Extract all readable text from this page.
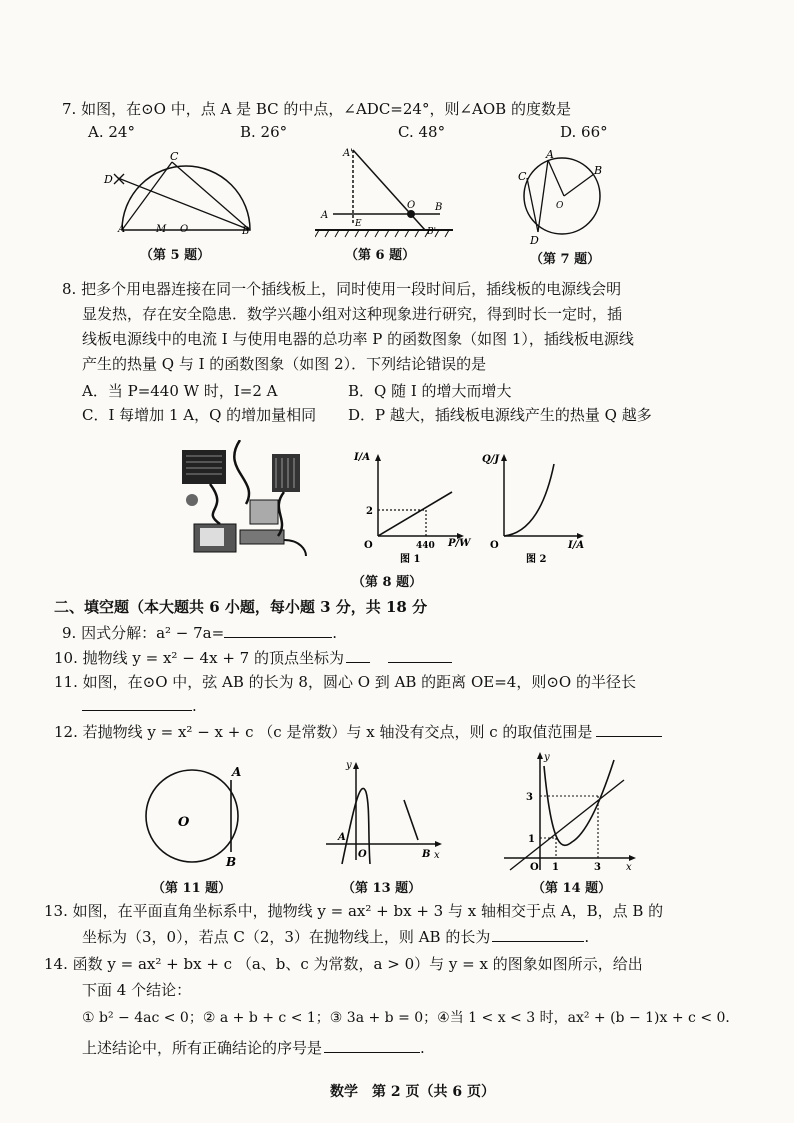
7. 如图，在⊙O 中，点 A 是 BC 的中点，∠ADC=24°，则∠AOB 的度数是
A. 24°	B. 26°	C. 48°	D. 66°
D
C
A	M O	B
（第 5 题）
A'
A
E
O B
B'
（第 6 题）
C	B
A
O
D
（第 7 题）
8. 把多个用电器连接在同一个插线板上，同时使用一段时间后，插线板的电源线会明
显发热，存在安全隐患．数学兴趣小组对这种现象进行研究，得到时长一定时，插
线板电源线中的电流 I 与使用电器的总功率 P 的函数图象（如图 1），插线板电源线
产生的热量 Q 与 I 的函数图象（如图 2）．下列结论错误的是
A．当 P=440 W 时，I=2 A	B．Q 随 I 的增大而增大
C．I 每增加 1 A，Q 的增加量相同 D．P 越大，插线板电源线产生的热量 Q 越多
I/A
2
O	440 P/W
图 1
Q/J
O	I/A
图 2
（第 8 题）
二、填空题（本大题共 6 小题，每小题 3 分，共 18 分
9. 因式分解：a² − 7a=	.
10. 抛物线 y = x² − 4x + 7 的顶点坐标为
11. 如图，在⊙O 中，弦 AB 的长为 8，圆心 O 到 AB 的距离 OE=4，则⊙O 的半径长
.
12. 若抛物线 y = x² − x + c （c 是常数）与 x 轴没有交点，则 c 的取值范围是
A
O
B
（第 11 题）
y
A
O	B x
（第 13 题）
y
3
1
O 1	3	x
（第 14 题）
13. 如图，在平面直角坐标系中，抛物线 y = ax² + bx + 3 与 x 轴相交于点 A，B，点 B 的
坐标为（3，0），若点 C（2，3）在抛物线上，则 AB 的长为	.
14. 函数 y = ax² + bx + c （a、b、c 为常数，a > 0）与 y = x 的图象如图所示，给出
下面 4 个结论：
① b² − 4ac < 0；② a + b + c < 1；③ 3a + b = 0；④当 1 < x < 3 时，ax² + (b − 1)x + c < 0．
上述结论中，所有正确结论的序号是	.
数学　第 2 页（共 6 页）
